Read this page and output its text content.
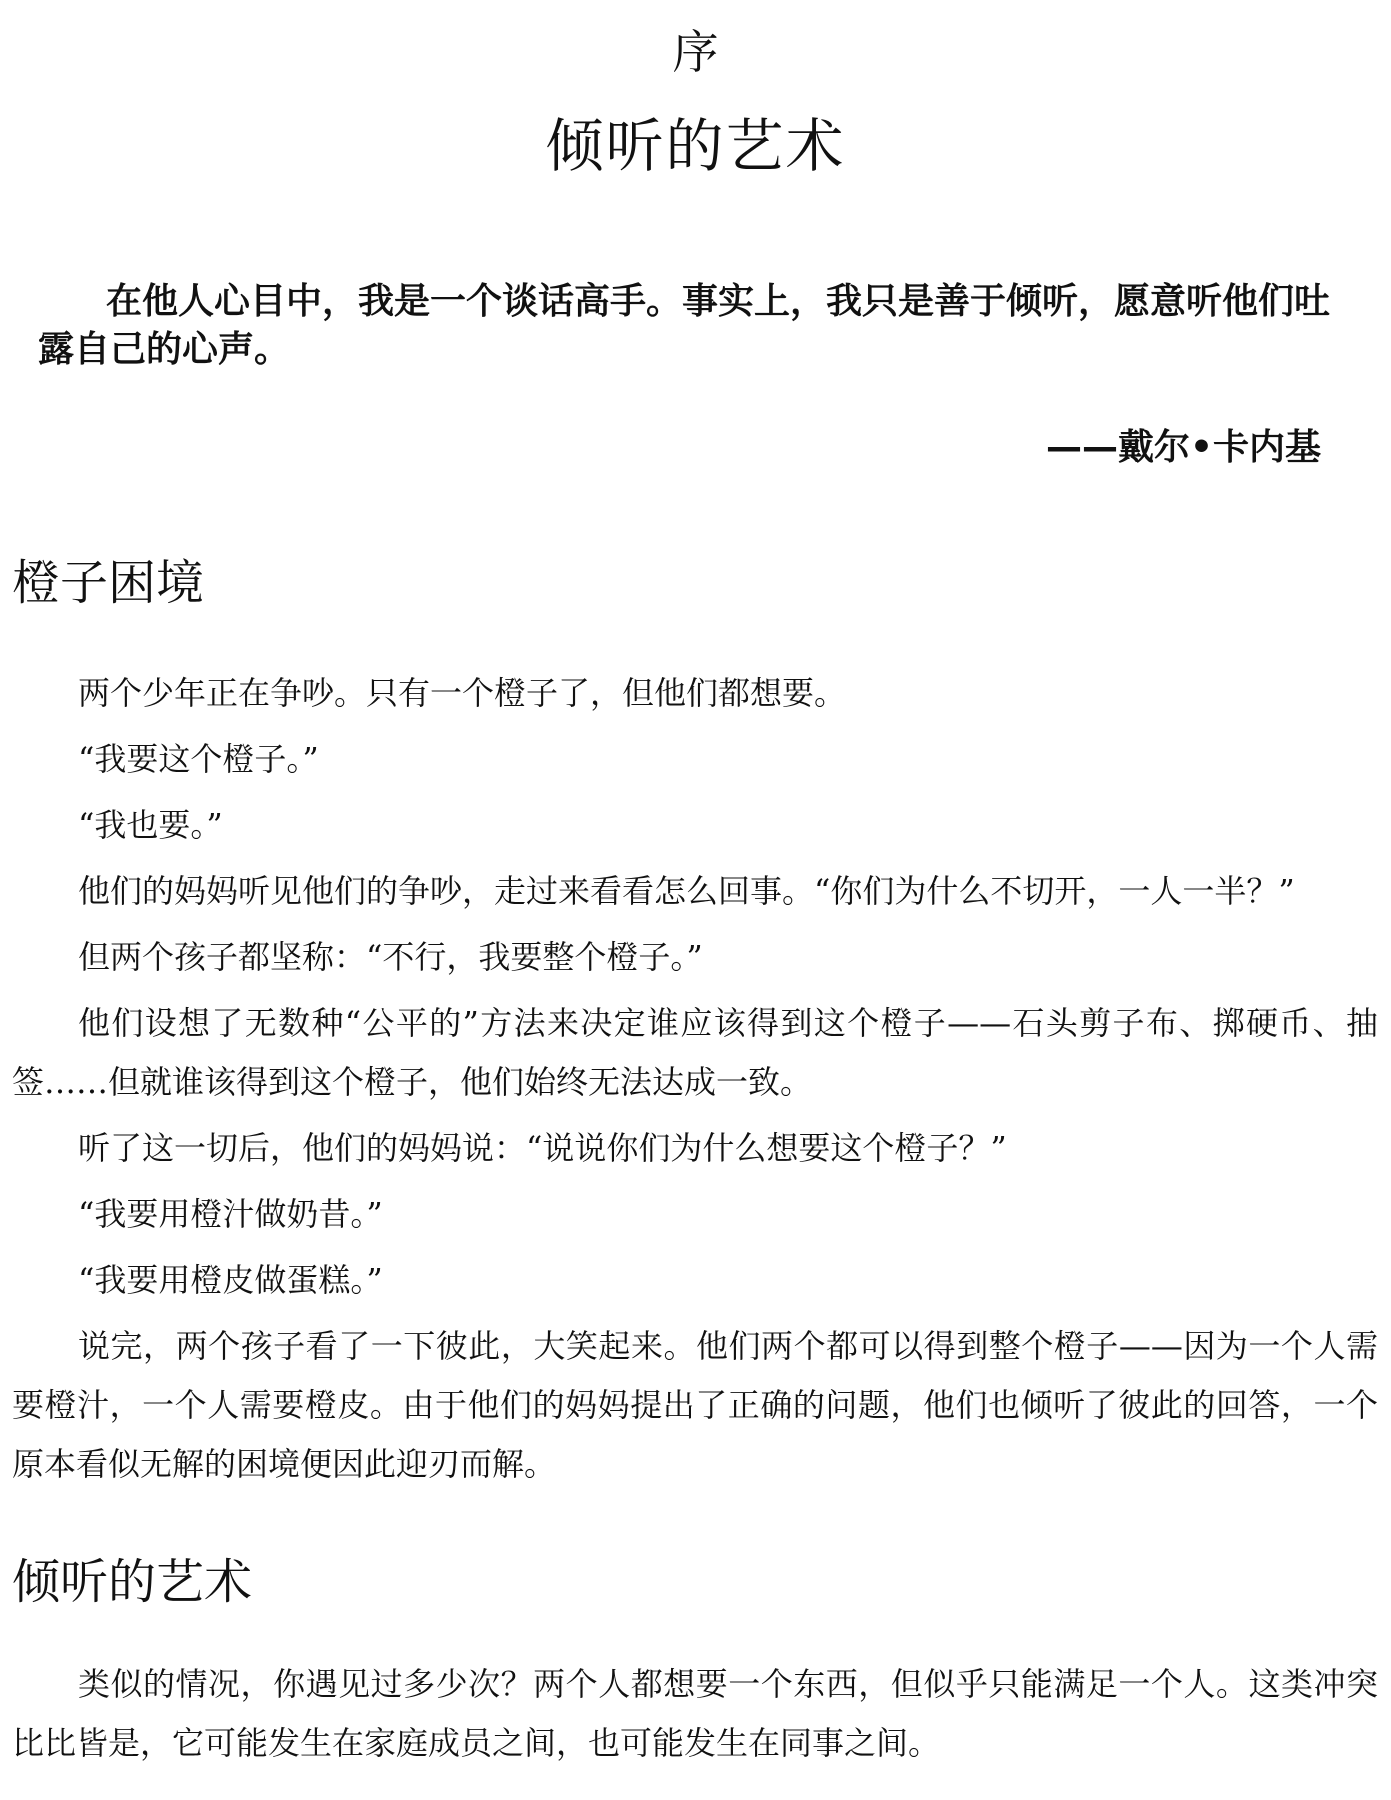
序
倾听的艺术

在他人心目中，我是一个谈话高手。事实上，我只是善于倾听，愿意听他们吐露自己的心声。

——戴尔•卡内基
橙子困境

两个少年正在争吵。只有一个橙子了，但他们都想要。

“我要这个橙子。”

“我也要。”

他们的妈妈听见他们的争吵，走过来看看怎么回事。“你们为什么不切开，一人一半？”

但两个孩子都坚称：“不行，我要整个橙子。”

他们设想了无数种“公平的”方法来决定谁应该得到这个橙子——石头剪子布、掷硬币、抽签……但就谁该得到这个橙子，他们始终无法达成一致。

听了这一切后，他们的妈妈说：“说说你们为什么想要这个橙子？”

“我要用橙汁做奶昔。”

“我要用橙皮做蛋糕。”

说完，两个孩子看了一下彼此，大笑起来。他们两个都可以得到整个橙子——因为一个人需要橙汁，一个人需要橙皮。由于他们的妈妈提出了正确的问题，他们也倾听了彼此的回答，一个原本看似无解的困境便因此迎刃而解。

倾听的艺术

类似的情况，你遇见过多少次？两个人都想要一个东西，但似乎只能满足一个人。这类冲突比比皆是，它可能发生在家庭成员之间，也可能发生在同事之间。
